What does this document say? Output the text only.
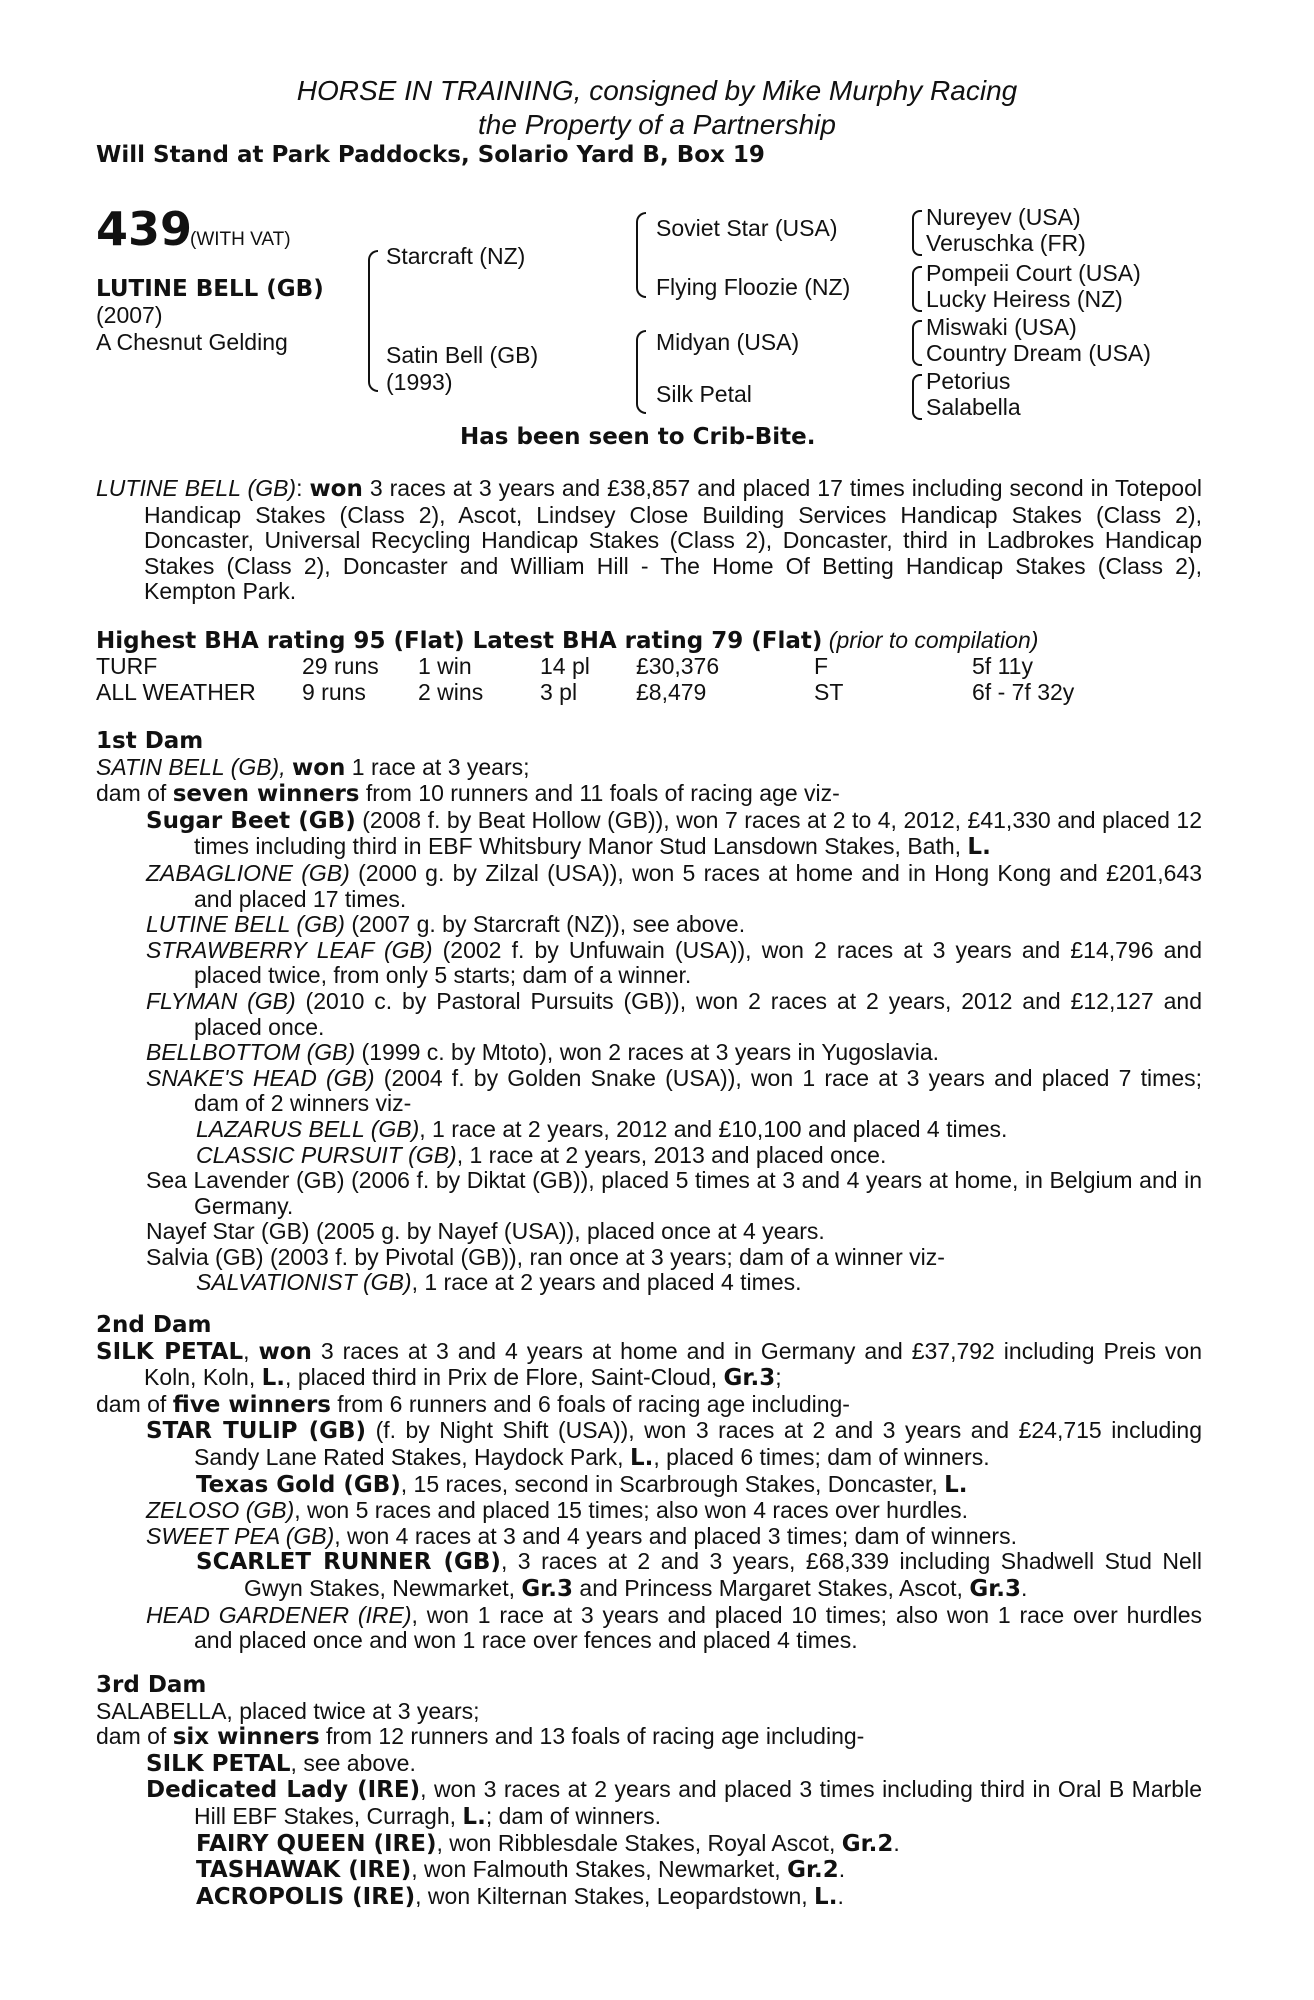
HORSE IN TRAINING, consigned by Mike Murphy Racing
the Property of a Partnership
Will Stand at Park Paddocks, Solario Yard B, Box 19
439
(WITH VAT)
LUTINE BELL (GB)
(2007)
A Chesnut Gelding
Starcraft (NZ)
Satin Bell (GB)
(1993)
Soviet Star (USA)
Flying Floozie (NZ)
Midyan (USA)
Silk Petal
Nureyev (USA)
Veruschka (FR)
Pompeii Court (USA)
Lucky Heiress (NZ)
Miswaki (USA)
Country Dream (USA)
Petorius
Salabella
Has been seen to Crib-Bite.
LUTINE BELL (GB): won 3 races at 3 years and £38,857 and placed 17 times including second in Totepool Handicap Stakes (Class 2), Ascot, Lindsey Close Building Services Handicap Stakes (Class 2), Doncaster, Universal Recycling Handicap Stakes (Class 2), Doncaster, third in Ladbrokes Handicap Stakes (Class 2), Doncaster and William Hill - The Home Of Betting Handicap Stakes (Class 2), Kempton Park.
Highest BHA rating 95 (Flat) Latest BHA rating 79 (Flat) (prior to compilation)
TURF	29 runs 1 win	14 pl £30,376	F	5f 11y
ALL WEATHER 9 runs 2 wins 3 pl	£8,479	ST	6f - 7f 32y
1st Dam
SATIN BELL (GB), won 1 race at 3 years;
dam of seven winners from 10 runners and 11 foals of racing age viz-
Sugar Beet (GB) (2008 f. by Beat Hollow (GB)), won 7 races at 2 to 4, 2012, £41,330 and placed 12 times including third in EBF Whitsbury Manor Stud Lansdown Stakes, Bath, L.
ZABAGLIONE (GB) (2000 g. by Zilzal (USA)), won 5 races at home and in Hong Kong and £201,643 and placed 17 times.
LUTINE BELL (GB) (2007 g. by Starcraft (NZ)), see above.
STRAWBERRY LEAF (GB) (2002 f. by Unfuwain (USA)), won 2 races at 3 years and £14,796 and placed twice, from only 5 starts; dam of a winner.
FLYMAN (GB) (2010 c. by Pastoral Pursuits (GB)), won 2 races at 2 years, 2012 and £12,127 and placed once.
BELLBOTTOM (GB) (1999 c. by Mtoto), won 2 races at 3 years in Yugoslavia.
SNAKE'S HEAD (GB) (2004 f. by Golden Snake (USA)), won 1 race at 3 years and placed 7 times; dam of 2 winners viz-
LAZARUS BELL (GB), 1 race at 2 years, 2012 and £10,100 and placed 4 times.
CLASSIC PURSUIT (GB), 1 race at 2 years, 2013 and placed once.
Sea Lavender (GB) (2006 f. by Diktat (GB)), placed 5 times at 3 and 4 years at home, in Belgium and in Germany.
Nayef Star (GB) (2005 g. by Nayef (USA)), placed once at 4 years.
Salvia (GB) (2003 f. by Pivotal (GB)), ran once at 3 years; dam of a winner viz-
SALVATIONIST (GB), 1 race at 2 years and placed 4 times.
2nd Dam
SILK PETAL, won 3 races at 3 and 4 years at home and in Germany and £37,792 including Preis von Koln, Koln, L., placed third in Prix de Flore, Saint-Cloud, Gr.3;
dam of five winners from 6 runners and 6 foals of racing age including-
STAR TULIP (GB) (f. by Night Shift (USA)), won 3 races at 2 and 3 years and £24,715 including Sandy Lane Rated Stakes, Haydock Park, L., placed 6 times; dam of winners.
Texas Gold (GB), 15 races, second in Scarbrough Stakes, Doncaster, L.
ZELOSO (GB), won 5 races and placed 15 times; also won 4 races over hurdles.
SWEET PEA (GB), won 4 races at 3 and 4 years and placed 3 times; dam of winners.
SCARLET RUNNER (GB), 3 races at 2 and 3 years, £68,339 including Shadwell Stud Nell Gwyn Stakes, Newmarket, Gr.3 and Princess Margaret Stakes, Ascot, Gr.3.
HEAD GARDENER (IRE), won 1 race at 3 years and placed 10 times; also won 1 race over hurdles and placed once and won 1 race over fences and placed 4 times.
3rd Dam
SALABELLA, placed twice at 3 years;
dam of six winners from 12 runners and 13 foals of racing age including-
SILK PETAL, see above.
Dedicated Lady (IRE), won 3 races at 2 years and placed 3 times including third in Oral B Marble Hill EBF Stakes, Curragh, L.; dam of winners.
FAIRY QUEEN (IRE), won Ribblesdale Stakes, Royal Ascot, Gr.2.
TASHAWAK (IRE), won Falmouth Stakes, Newmarket, Gr.2.
ACROPOLIS (IRE), won Kilternan Stakes, Leopardstown, L..
